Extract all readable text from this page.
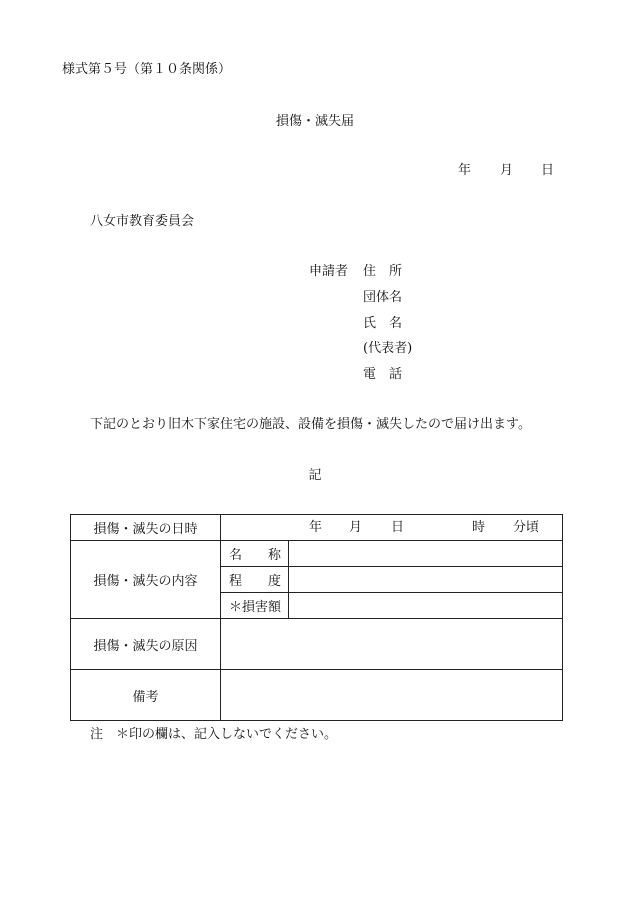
様式第５号（第１０条関係）
損傷・滅失届
年 月 日
八女市教育委員会
申請者 住　所
団体名
氏　名
(代表者)
電　話
下記のとおり旧木下家住宅の施設、設備を損傷・滅失したので届け出ます。
記
損傷・滅失の日時	年 月 日 時 分頃	

損傷・滅失の内容	名　　称	
	程　　度	
	＊損害額	
損傷・滅失の原因		
備考		
注　＊印の欄は、記入しないでください。
